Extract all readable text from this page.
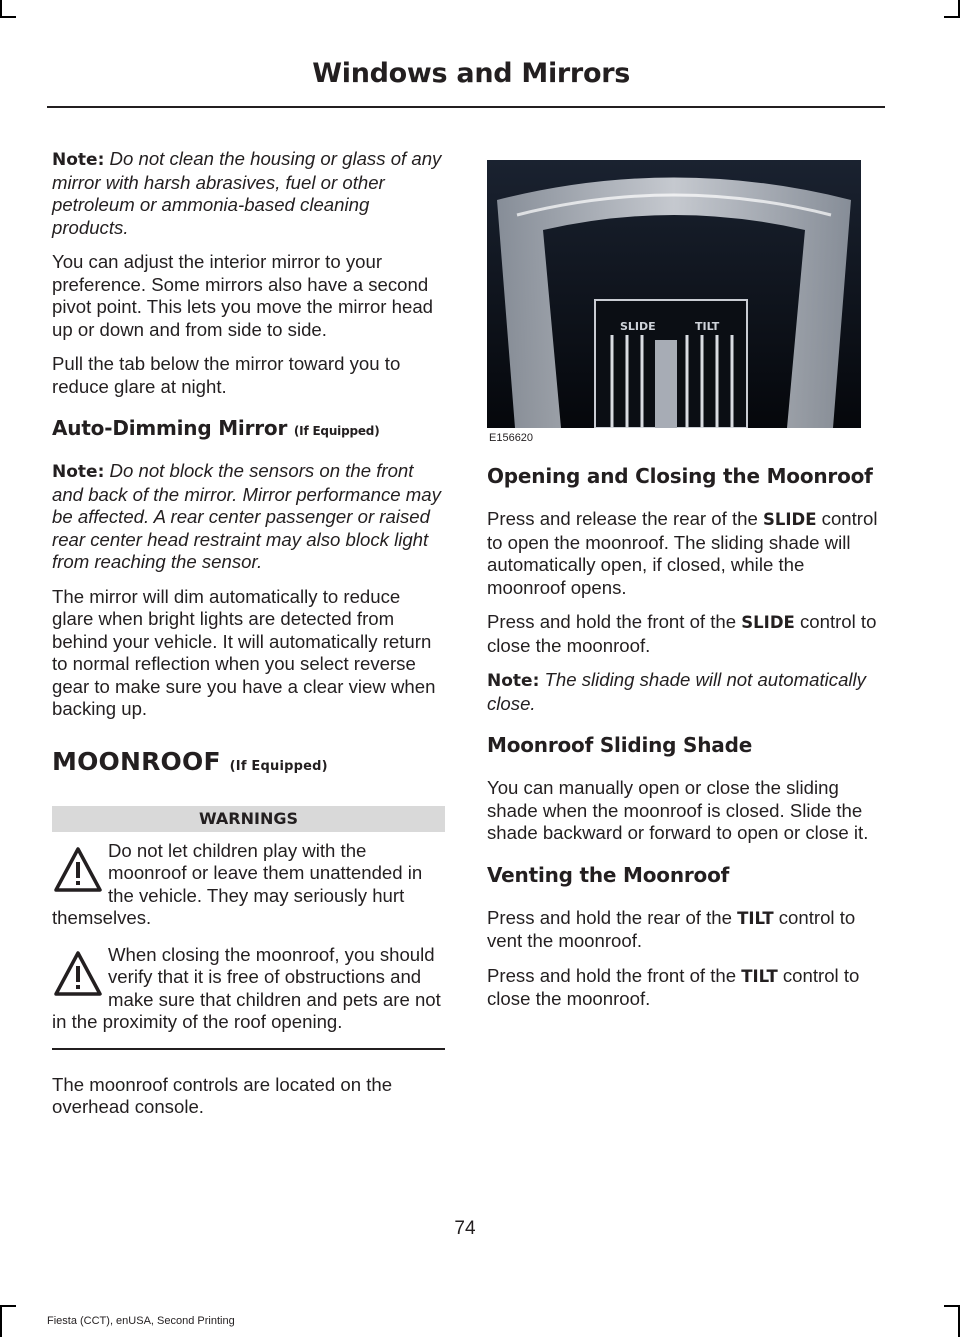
Windows and Mirrors

Note: Do not clean the housing or glass of any mirror with harsh abrasives, fuel or other petroleum or ammonia-based cleaning products.

You can adjust the interior mirror to your preference. Some mirrors also have a second pivot point. This lets you move the mirror head up or down and from side to side.

Pull the tab below the mirror toward you to reduce glare at night.

Auto-Dimming Mirror (If Equipped)

Note: Do not block the sensors on the front and back of the mirror. Mirror performance may be affected. A rear center passenger or raised rear center head restraint may also block light from reaching the sensor.

The mirror will dim automatically to reduce glare when bright lights are detected from behind your vehicle. It will automatically return to normal reflection when you select reverse gear to make sure you have a clear view when backing up.

MOONROOF (If Equipped)
WARNINGS

Do not let children play with the moonroof or leave them unattended in the vehicle. They may seriously hurt themselves.

When closing the moonroof, you should verify that it is free of obstructions and make sure that children and pets are not in the proximity of the roof opening.

The moonroof controls are located on the overhead console.

SLIDE	TILT
E156620
Opening and Closing the Moonroof

Press and release the rear of the SLIDE control to open the moonroof. The sliding shade will automatically open, if closed, while the moonroof opens.

Press and hold the front of the SLIDE control to close the moonroof.

Note: The sliding shade will not automatically close.

Moonroof Sliding Shade

You can manually open or close the sliding shade when the moonroof is closed. Slide the shade backward or forward to open or close it.

Venting the Moonroof

Press and hold the rear of the TILT control to vent the moonroof.

Press and hold the front of the TILT control to close the moonroof.

74
Fiesta (CCT), enUSA, Second Printing
